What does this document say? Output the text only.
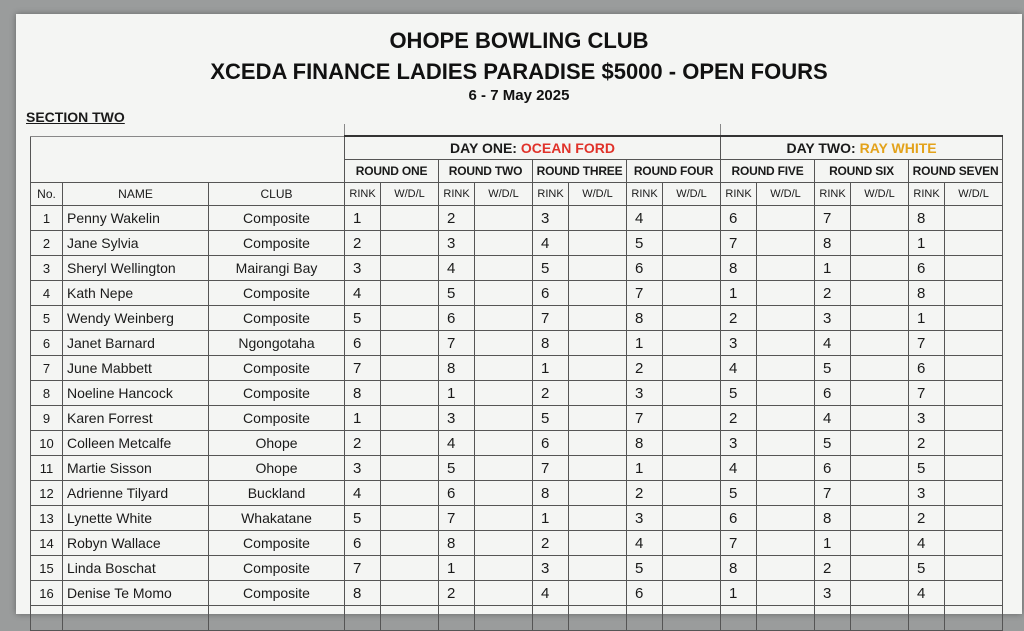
OHOPE BOWLING CLUB
XCEDA FINANCE LADIES PARADISE $5000 - OPEN FOURS
6 - 7 May 2025
SECTION TWO

			DAY ONE: OCEAN FORD								DAY TWO: RAY WHITE					
			ROUND ONE		ROUND TWO		ROUND THREE		ROUND FOUR		ROUND FIVE		ROUND SIX		ROUND SEVEN	
No.	NAME	CLUB	RINK	W/D/L	RINK	W/D/L	RINK	W/D/L	RINK	W/D/L	RINK	W/D/L	RINK	W/D/L	RINK	W/D/L
1	Penny Wakelin	Composite	1		2		3		4		6		7		8	
2	Jane Sylvia	Composite	2		3		4		5		7		8		1	
3	Sheryl Wellington	Mairangi Bay	3		4		5		6		8		1		6	
4	Kath Nepe	Composite	4		5		6		7		1		2		8	
5	Wendy Weinberg	Composite	5		6		7		8		2		3		1	
6	Janet Barnard	Ngongotaha	6		7		8		1		3		4		7	
7	June Mabbett	Composite	7		8		1		2		4		5		6	
8	Noeline Hancock	Composite	8		1		2		3		5		6		7	
9	Karen Forrest	Composite	1		3		5		7		2		4		3	
10	Colleen Metcalfe	Ohope	2		4		6		8		3		5		2	
11	Martie Sisson	Ohope	3		5		7		1		4		6		5	
12	Adrienne Tilyard	Buckland	4		6		8		2		5		7		3	
13	Lynette White	Whakatane	5		7		1		3		6		8		2	
14	Robyn Wallace	Composite	6		8		2		4		7		1		4	
15	Linda Boschat	Composite	7		1		3		5		8		2		5	
16	Denise Te Momo	Composite	8		2		4		6		1		3		4	
